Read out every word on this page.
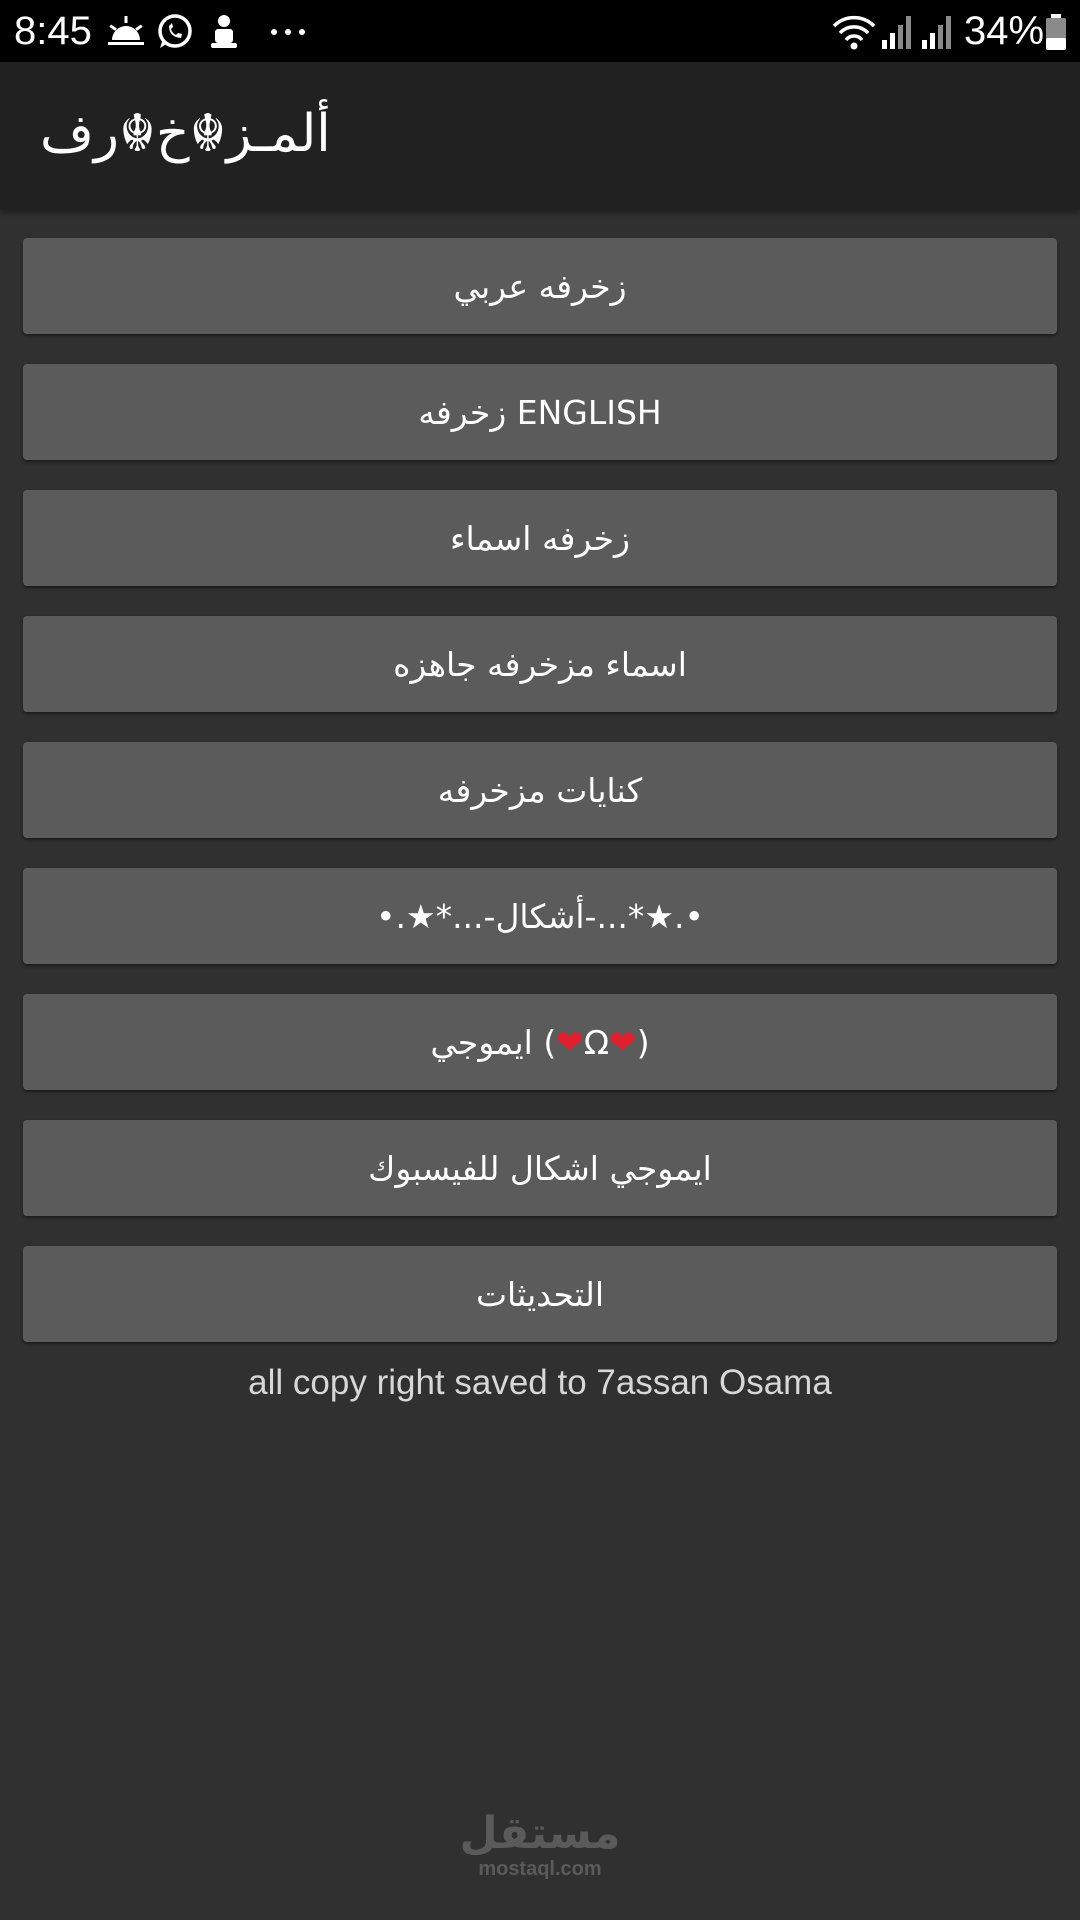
8:45	34%
ألمـز☬خ☬رف
زخرفه عربي
زخرفه ENGLISH
زخرفه اسماء
اسماء مزخرفه جاهزه
كنايات مزخرفه
•.★*...-أشكال-...*★.•
ايموجي	(❤Ω❤)
ايموجي اشكال للفيسبوك
التحديثات
all copy right saved to 7assan Osama
مستقل
mostaql.com
